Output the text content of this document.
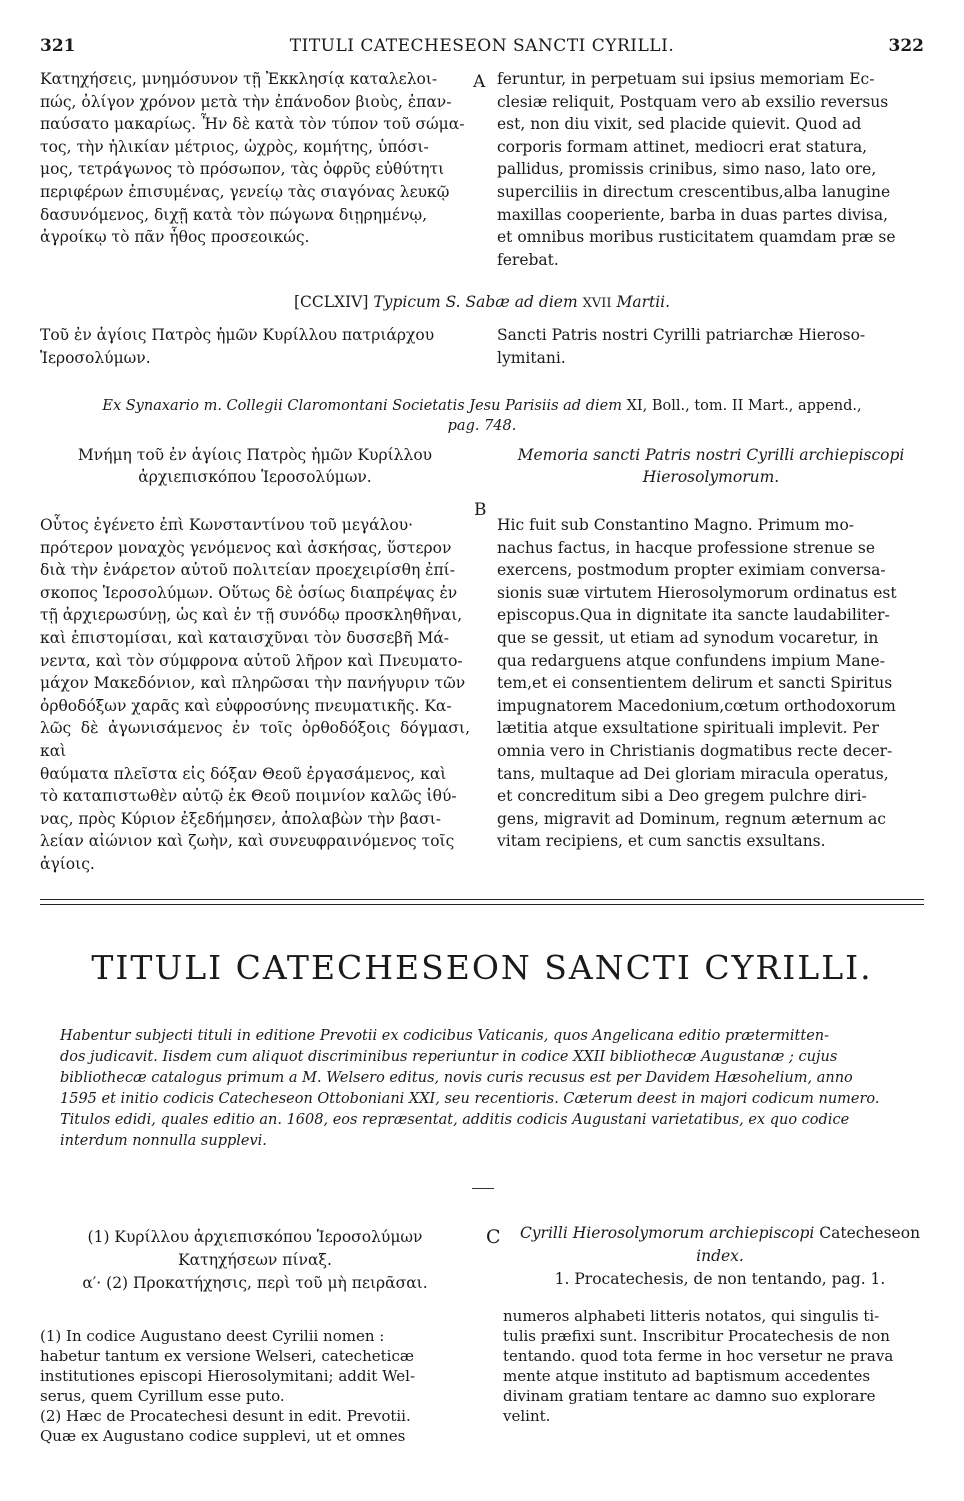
321	TITULI CATECHESEON SANCTI CYRILLI.	322
Κατηχήσεις, μνημόσυνον τῇ Ἐκκλησίᾳ καταλελοι-
πώς, ὀλίγον χρόνον μετὰ τὴν ἐπάνοδον βιοὺς, ἐπαν-
παύσατο μακαρίως. Ἦν δὲ κατὰ τὸν τύπον τοῦ σώμα-
τος, τὴν ἡλικίαν μέτριος, ὠχρὸς, κομήτης, ὑπόσι-
μος, τετράγωνος τὸ πρόσωπον, τὰς ὀφρῦς εὐθύτητι
περιφέρων ἐπισυμένας, γενείῳ τὰς σιαγόνας λευκῷ
δασυνόμενος, διχῇ κατὰ τὸν πώγωνα διῃρημένῳ,
ἀγροίκῳ τὸ πᾶν ἦθος προσεοικώς.
A feruntur, in perpetuam sui ipsius memoriam Ec-
clesiæ reliquit, Postquam vero ab exsilio reversus
est, non diu vixit, sed placide quievit. Quod ad
corporis formam attinet, mediocri erat statura,
pallidus, promissis crinibus, simo naso, lato ore,
superciliis in directum crescentibus,alba lanugine
maxillas cooperiente, barba in duas partes divisa,
et omnibus moribus rusticitatem quamdam præ se
ferebat.
[CCLXIV] Typicum S. Sabæ ad diem XVII Martii.
Τοῦ ἐν ἁγίοις Πατρὸς ἡμῶν Κυρίλλου πατριάρχου
Ἱεροσολύμων.
Sancti Patris nostri Cyrilli patriarchæ Hieroso-
lymitani.
Ex Synaxario m. Collegii Claromontani Societatis Jesu Parisiis ad diem XI, Boll., tom. II Mart., append.,
pag. 748.
Μνήμη τοῦ ἐν ἁγίοις Πατρὸς ἡμῶν Κυρίλλου
ἀρχιεπισκόπου Ἱεροσολύμων.
Memoria sancti Patris nostri Cyrilli archiepiscopi
Hierosolymorum.
B
Οὗτος ἐγένετο ἐπὶ Κωνσταντίνου τοῦ μεγάλου·
πρότερον μοναχὸς γενόμενος καὶ ἀσκήσας, ὕστερον
διὰ τὴν ἐνάρετον αὐτοῦ πολιτείαν προεχειρίσθη ἐπί-
σκοπος Ἱεροσολύμων. Οὕτως δὲ ὁσίως διαπρέψας ἐν
τῇ ἀρχιερωσύνῃ, ὡς καὶ ἐν τῇ συνόδῳ προσκληθῆναι,
καὶ ἐπιστομίσαι, καὶ καταισχῦναι τὸν δυσσεβῆ Μά-
νεντα, καὶ τὸν σύμφρονα αὐτοῦ λῆρον καὶ Πνευματο-
μάχον Μακεδόνιον, καὶ πληρῶσαι τὴν πανήγυριν τῶν
ὀρθοδόξων χαρᾶς καὶ εὐφροσύνης πνευματικῆς. Κα-
λῶς δὲ ἀγωνισάμενος ἐν τοῖς ὀρθοδόξοις δόγμασι, καὶ
θαύματα πλεῖστα εἰς δόξαν Θεοῦ ἐργασάμενος, καὶ
τὸ καταπιστωθὲν αὐτῷ ἐκ Θεοῦ ποιμνίον καλῶς ἰθύ-
νας, πρὸς Κύριον ἐξεδήμησεν, ἀπολαβὼν τὴν βασι-
λείαν αἰώνιον καὶ ζωὴν, καὶ συνευφραινόμενος τοῖς
ἁγίοις.
Hic fuit sub Constantino Magno. Primum mo-
nachus factus, in hacque professione strenue se
exercens, postmodum propter eximiam conversa-
sionis suæ virtutem Hierosolymorum ordinatus est
episcopus.Qua in dignitate ita sancte laudabiliter-
que se gessit, ut etiam ad synodum vocaretur, in
qua redarguens atque confundens impium Mane-
tem,et ei consentientem delirum et sancti Spiritus
impugnatorem Macedonium,cœtum orthodoxorum
lætitia atque exsultatione spirituali implevit. Per
omnia vero in Christianis dogmatibus recte decer-
tans, multaque ad Dei gloriam miracula operatus,
et concreditum sibi a Deo gregem pulchre diri-
gens, migravit ad Dominum, regnum æternum ac
vitam recipiens, et cum sanctis exsultans.
TITULI CATECHESEON SANCTI CYRILLI.
Habentur subjecti tituli in editione Prevotii ex codicibus Vaticanis, quos Angelicana editio prætermitten-
dos judicavit. Iisdem cum aliquot discriminibus reperiuntur in codice XXII bibliothecæ Augustanæ ; cujus
bibliothecæ catalogus primum a M. Welsero editus, novis curis recusus est per Davidem Hæsohelium, anno
1595 et initio codicis Catecheseon Ottoboniani XXI, seu recentioris. Cæterum deest in majori codicum numero.
Titulos edidi, quales editio an. 1608, eos repræsentat, additis codicis Augustani varietatibus, ex quo codice
interdum nonnulla supplevi.
(1) Κυρίλλου ἀρχιεπισκόπου Ἱεροσολύμων
Κατηχήσεων πίναξ.
α′· (2) Προκατήχησις, περὶ τοῦ μὴ πειρᾶσαι.
C	Cyrilli Hierosolymorum archiepiscopi Catecheseon
index.
1. Procatechesis, de non tentando, pag. 1.
(1) In codice Augustano deest Cyrilii nomen :
habetur tantum ex versione Welseri, catecheticæ
institutiones episcopi Hierosolymitani; addit Wel-
serus, quem Cyrillum esse puto.
(2) Hæc de Procatechesi desunt in edit. Prevotii.
Quæ ex Augustano codice supplevi, ut et omnes
numeros alphabeti litteris notatos, qui singulis ti-
tulis præfixi sunt. Inscribitur Procatechesis de non
tentando. quod tota ferme in hoc versetur ne prava
mente atque instituto ad baptismum accedentes
divinam gratiam tentare ac damno suo explorare
velint.
